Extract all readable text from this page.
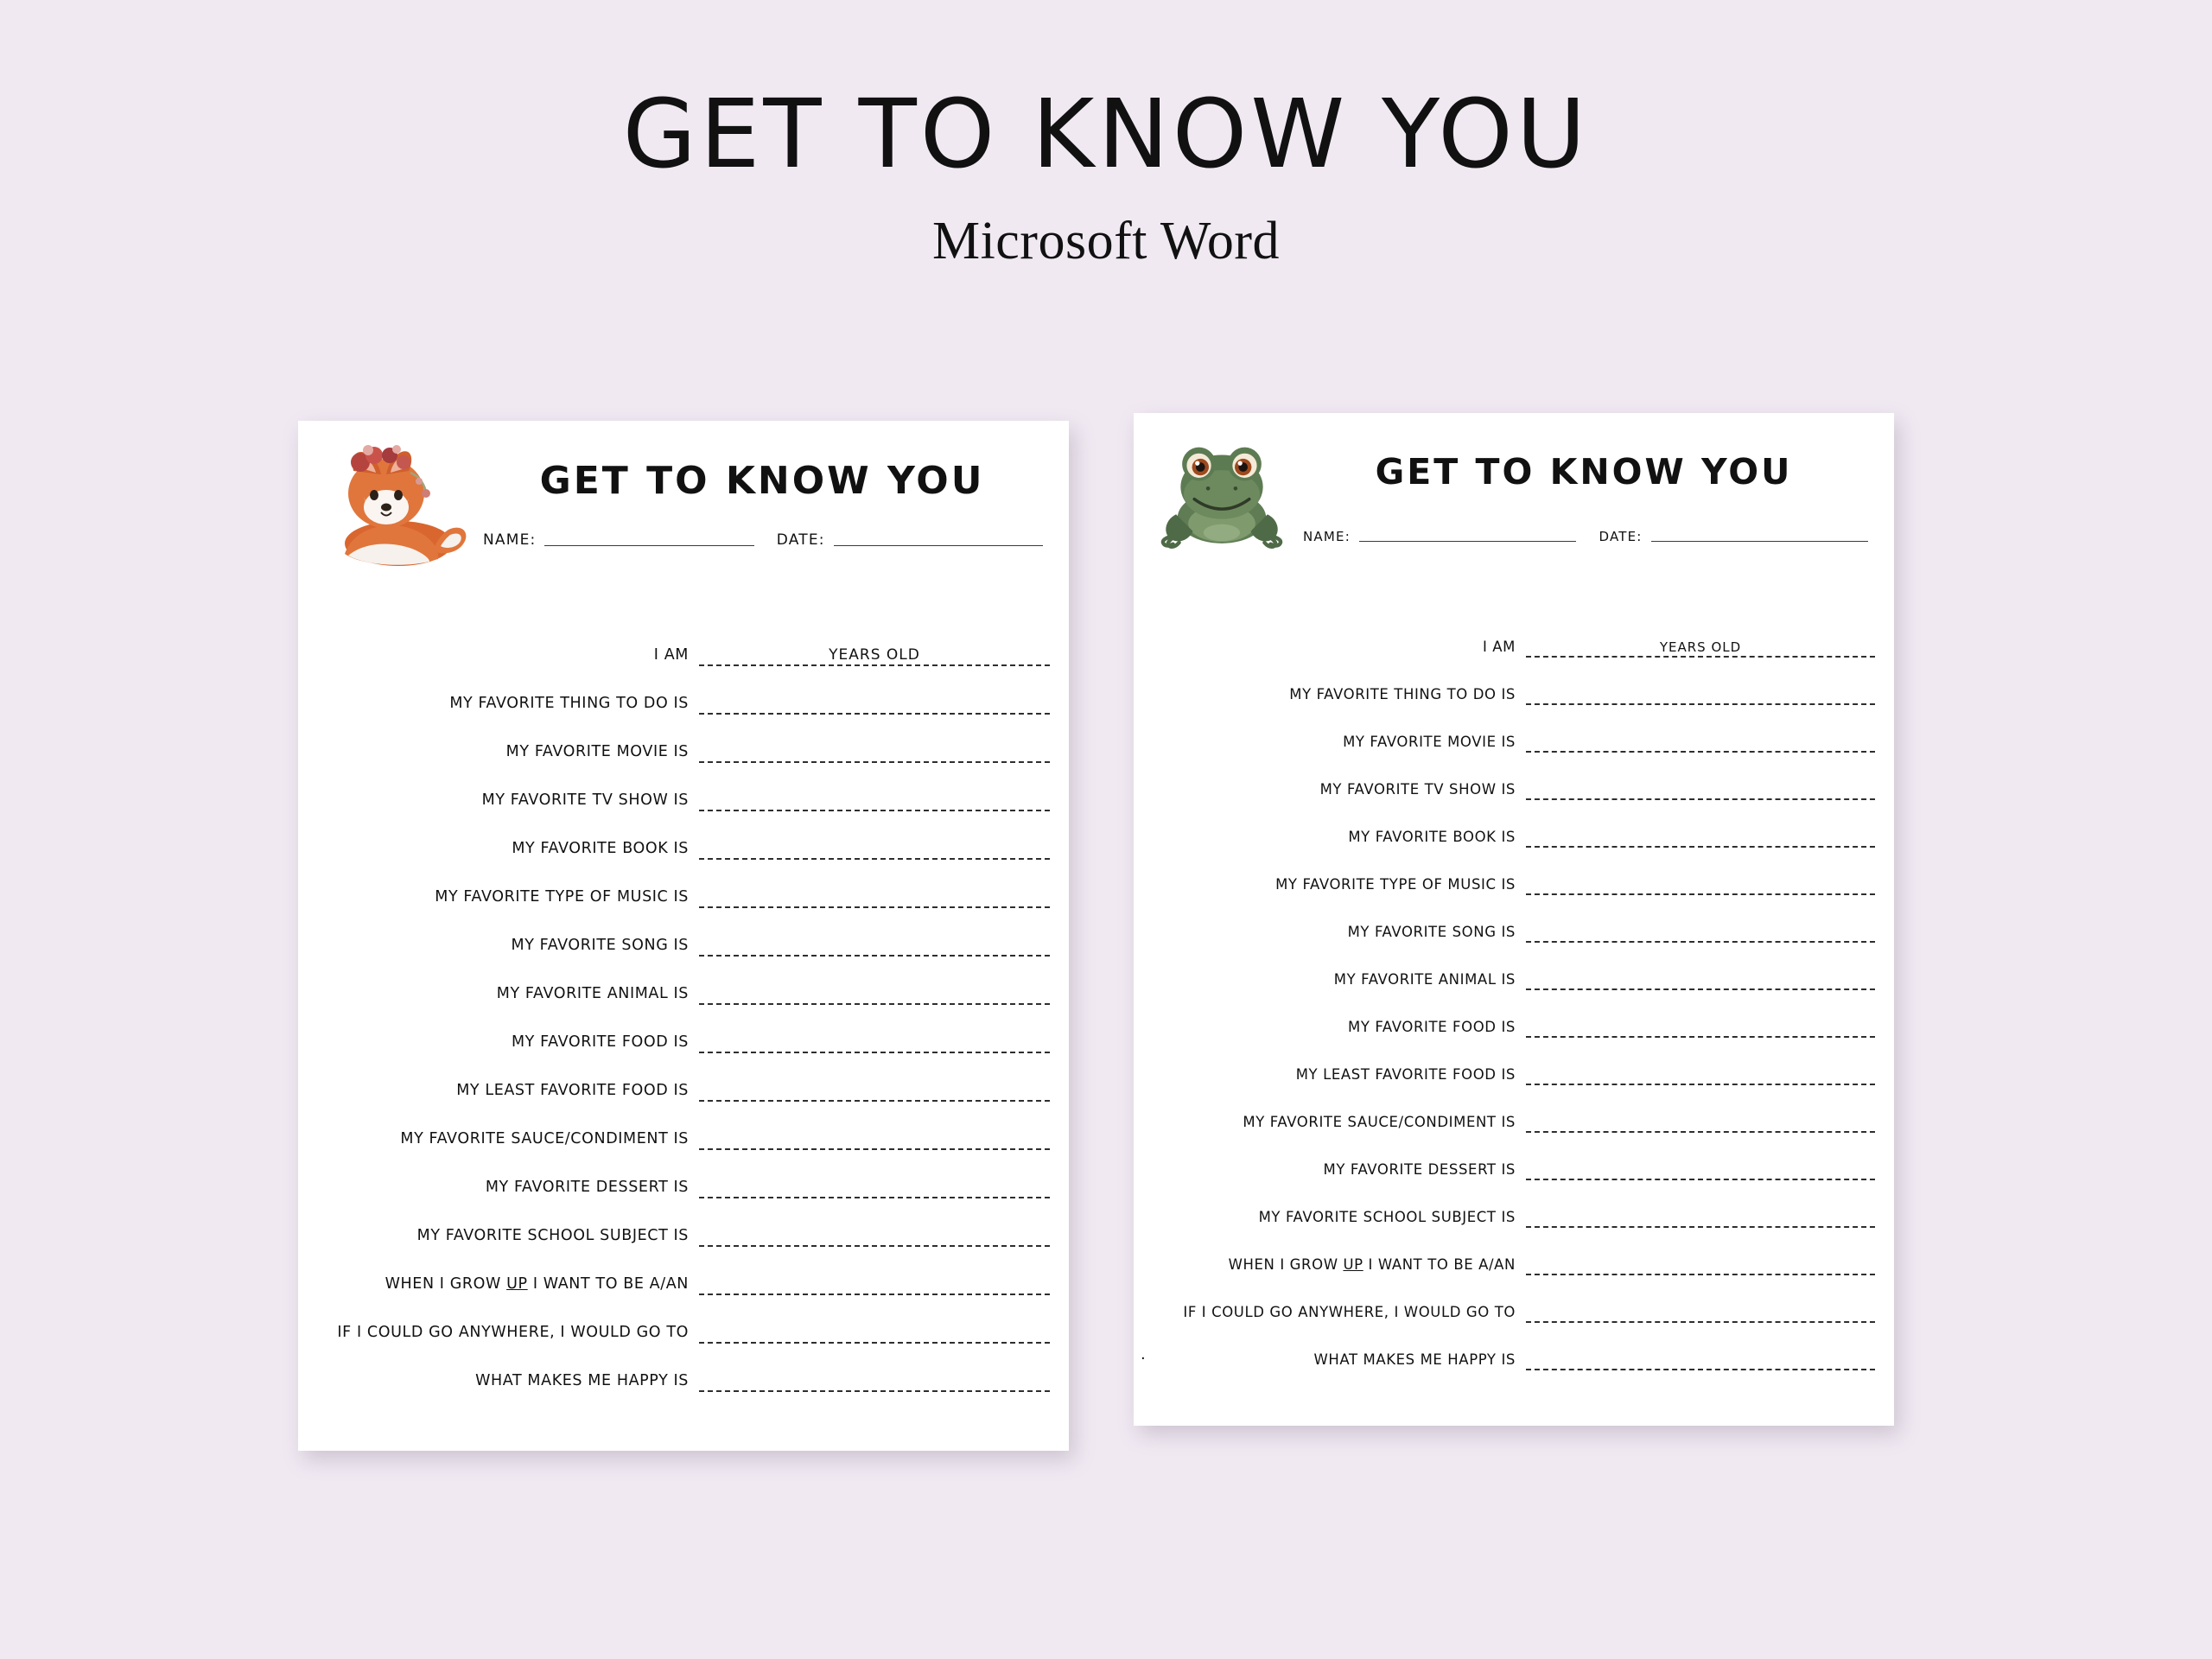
GET TO KNOW YOU
Microsoft Word
GET TO KNOW YOU
NAME:	DATE:
I AM	YEARS OLD
MY FAVORITE THING TO DO IS
MY FAVORITE MOVIE IS
MY FAVORITE TV SHOW IS
MY FAVORITE BOOK IS
MY FAVORITE TYPE OF MUSIC IS
MY FAVORITE SONG IS
MY FAVORITE ANIMAL IS
MY FAVORITE FOOD IS
MY LEAST FAVORITE FOOD IS
MY FAVORITE SAUCE/CONDIMENT IS
MY FAVORITE DESSERT IS
MY FAVORITE SCHOOL SUBJECT IS
WHEN I GROW UP I WANT TO BE A/AN
IF I COULD GO ANYWHERE, I WOULD GO TO
WHAT MAKES ME HAPPY IS
GET TO KNOW YOU
NAME:	DATE:
I AM	YEARS OLD
MY FAVORITE THING TO DO IS
MY FAVORITE MOVIE IS
MY FAVORITE TV SHOW IS
MY FAVORITE BOOK IS
MY FAVORITE TYPE OF MUSIC IS
MY FAVORITE SONG IS
MY FAVORITE ANIMAL IS
MY FAVORITE FOOD IS
MY LEAST FAVORITE FOOD IS
MY FAVORITE SAUCE/CONDIMENT IS
MY FAVORITE DESSERT IS
MY FAVORITE SCHOOL SUBJECT IS
WHEN I GROW UP I WANT TO BE A/AN
IF I COULD GO ANYWHERE, I WOULD GO TO
WHAT MAKES ME HAPPY IS
.
